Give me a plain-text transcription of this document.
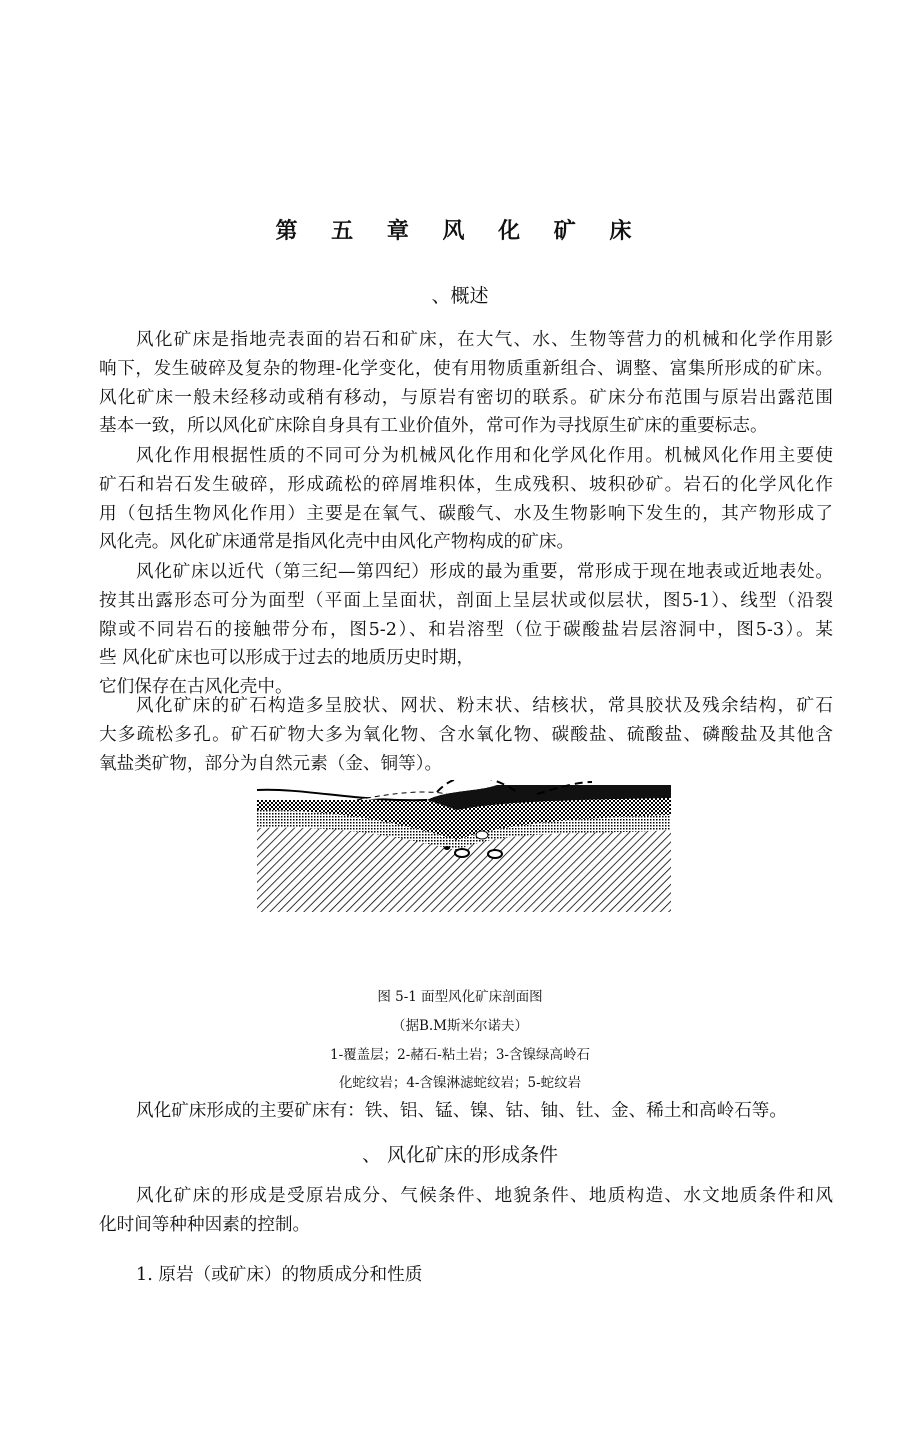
第 五 章 风 化 矿 床
、概述
风化矿床是指地壳表面的岩石和矿床，在大气、水、生物等营力的机械和化学作用影
响下，发生破碎及复杂的物理-化学变化，使有用物质重新组合、调整、富集所形成的矿床。
风化矿床一般未经移动或稍有移动，与原岩有密切的联系。矿床分布范围与原岩出露范围
基本一致，所以风化矿床除自身具有工业价值外，常可作为寻找原生矿床的重要标志。
风化作用根据性质的不同可分为机械风化作用和化学风化作用。机械风化作用主要使
矿石和岩石发生破碎，形成疏松的碎屑堆积体，生成残积、坡积砂矿。岩石的化学风化作
用（包括生物风化作用）主要是在氧气、碳酸气、水及生物影响下发生的，其产物形成了
风化壳。风化矿床通常是指风化壳中由风化产物构成的矿床。
风化矿床以近代（第三纪—第四纪）形成的最为重要，常形成于现在地表或近地表处。
按其出露形态可分为面型（平面上呈面状，剖面上呈层状或似层状，图5-1）、线型（沿裂
隙或不同岩石的接触带分布，图5-2）、和岩溶型（位于碳酸盐岩层溶洞中，图5-3）。某
些 风化矿床也可以形成于过去的地质历史时期，
它们保存在古风化壳中。
风化矿床的矿石构造多呈胶状、网状、粉末状、结核状，常具胶状及残余结构，矿石
大多疏松多孔。矿石矿物大多为氧化物、含水氧化物、碳酸盐、硫酸盐、磷酸盐及其他含
氧盐类矿物，部分为自然元素（金、铜等）。
图 5-1 面型风化矿床剖面图
（据B.M斯米尔诺夫）
1-覆盖层；2-赭石-粘土岩；3-含镍绿高岭石
化蛇纹岩；4-含镍淋滤蛇纹岩；5-蛇纹岩
风化矿床形成的主要矿床有：铁、铝、锰、镍、钴、铀、钍、金、稀土和高岭石等。
、 风化矿床的形成条件
风化矿床的形成是受原岩成分、气候条件、地貌条件、地质构造、水文地质条件和风
化时间等种种因素的控制。
1. 原岩（或矿床）的物质成分和性质
